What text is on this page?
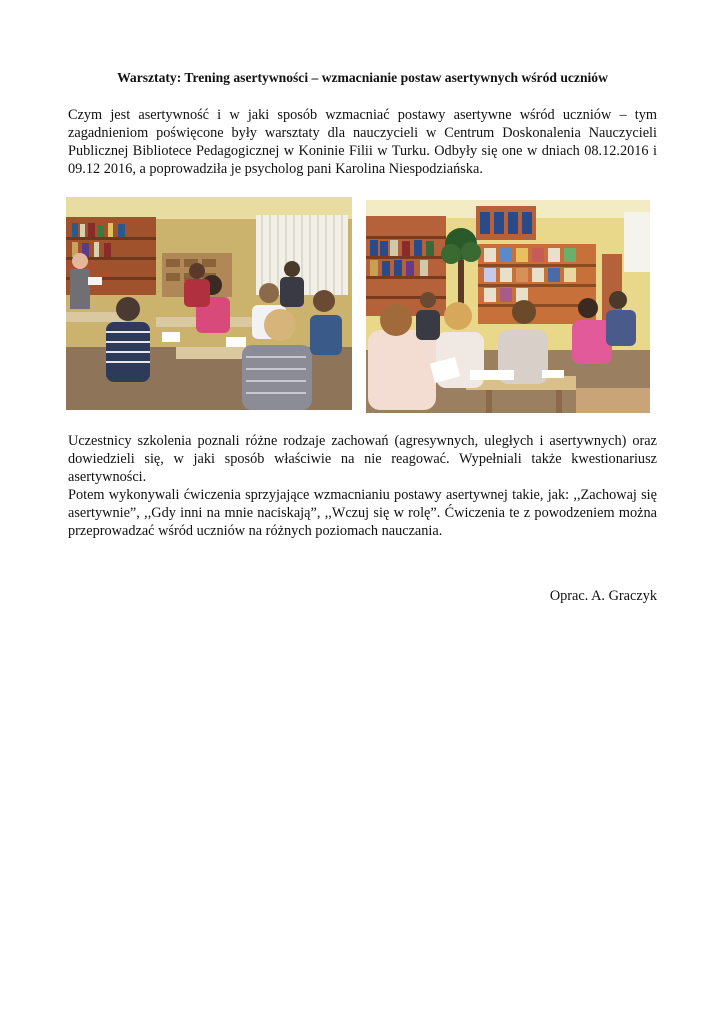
Warsztaty: Trening asertywności – wzmacnianie postaw asertywnych wśród uczniów

Czym jest asertywność i w jaki sposób wzmacniać postawy asertywne wśród uczniów – tym zagadnieniom poświęcone były warsztaty dla nauczycieli w Centrum Doskonalenia Nauczycieli Publicznej Bibliotece Pedagogicznej w Koninie Filii w Turku. Odbyły się one w dniach 08.12.2016 i 09.12 2016, a poprowadziła je psycholog pani Karolina Niespodziańska.

Uczestnicy szkolenia poznali różne rodzaje zachowań (agresywnych, uległych i asertywnych) oraz dowiedzieli się, w jaki sposób właściwie na nie reagować. Wypełniali także kwestionariusz asertywności.

Potem wykonywali ćwiczenia sprzyjające wzmacnianiu postawy asertywnej takie, jak: ,,Zachowaj się asertywnie”, ,,Gdy inni na mnie naciskają”, ,,Wczuj się w rolę”. Ćwiczenia te z powodzeniem można przeprowadzać wśród uczniów na różnych poziomach nauczania.

Oprac. A. Graczyk
